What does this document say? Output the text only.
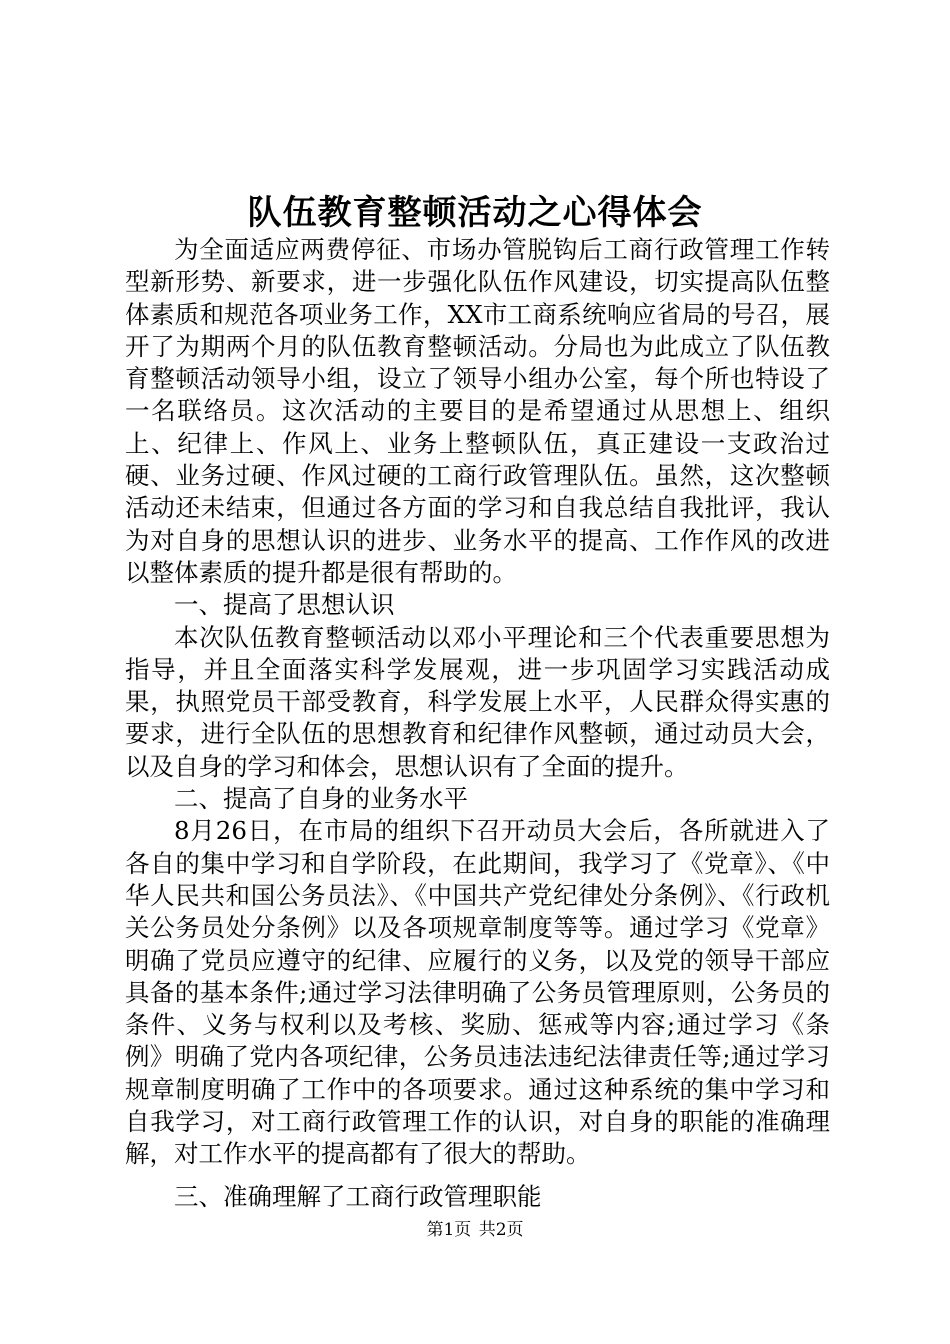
队伍教育整顿活动之心得体会

为全面适应两费停征、市场办管脱钩后工商行政管理工作转型新形势、新要求，进一步强化队伍作风建设，切实提高队伍整体素质和规范各项业务工作，XX市工商系统响应省局的号召，展开了为期两个月的队伍教育整顿活动。分局也为此成立了队伍教育整顿活动领导小组，设立了领导小组办公室，每个所也特设了一名联络员。这次活动的主要目的是希望通过从思想上、组织上、纪律上、作风上、业务上整顿队伍，真正建设一支政治过硬、业务过硬、作风过硬的工商行政管理队伍。虽然，这次整顿活动还未结束，但通过各方面的学习和自我总结自我批评，我认为对自身的思想认识的进步、业务水平的提高、工作作风的改进以整体素质的提升都是很有帮助的。

一、提高了思想认识

本次队伍教育整顿活动以邓小平理论和三个代表重要思想为指导，并且全面落实科学发展观，进一步巩固学习实践活动成果，执照党员干部受教育，科学发展上水平，人民群众得实惠的要求，进行全队伍的思想教育和纪律作风整顿，通过动员大会，以及自身的学习和体会，思想认识有了全面的提升。

二、提高了自身的业务水平

8月26日，在市局的组织下召开动员大会后，各所就进入了各自的集中学习和自学阶段，在此期间，我学习了《党章》、《中华人民共和国公务员法》、《中国共产党纪律处分条例》、《行政机关公务员处分条例》以及各项规章制度等等。通过学习《党章》明确了党员应遵守的纪律、应履行的义务，以及党的领导干部应具备的基本条件;通过学习法律明确了公务员管理原则，公务员的条件、义务与权利以及考核、奖励、惩戒等内容;通过学习《条例》明确了党内各项纪律，公务员违法违纪法律责任等;通过学习规章制度明确了工作中的各项要求。通过这种系统的集中学习和自我学习，对工商行政管理工作的认识，对自身的职能的准确理解，对工作水平的提高都有了很大的帮助。

三、准确理解了工商行政管理职能

第1页 共2页
